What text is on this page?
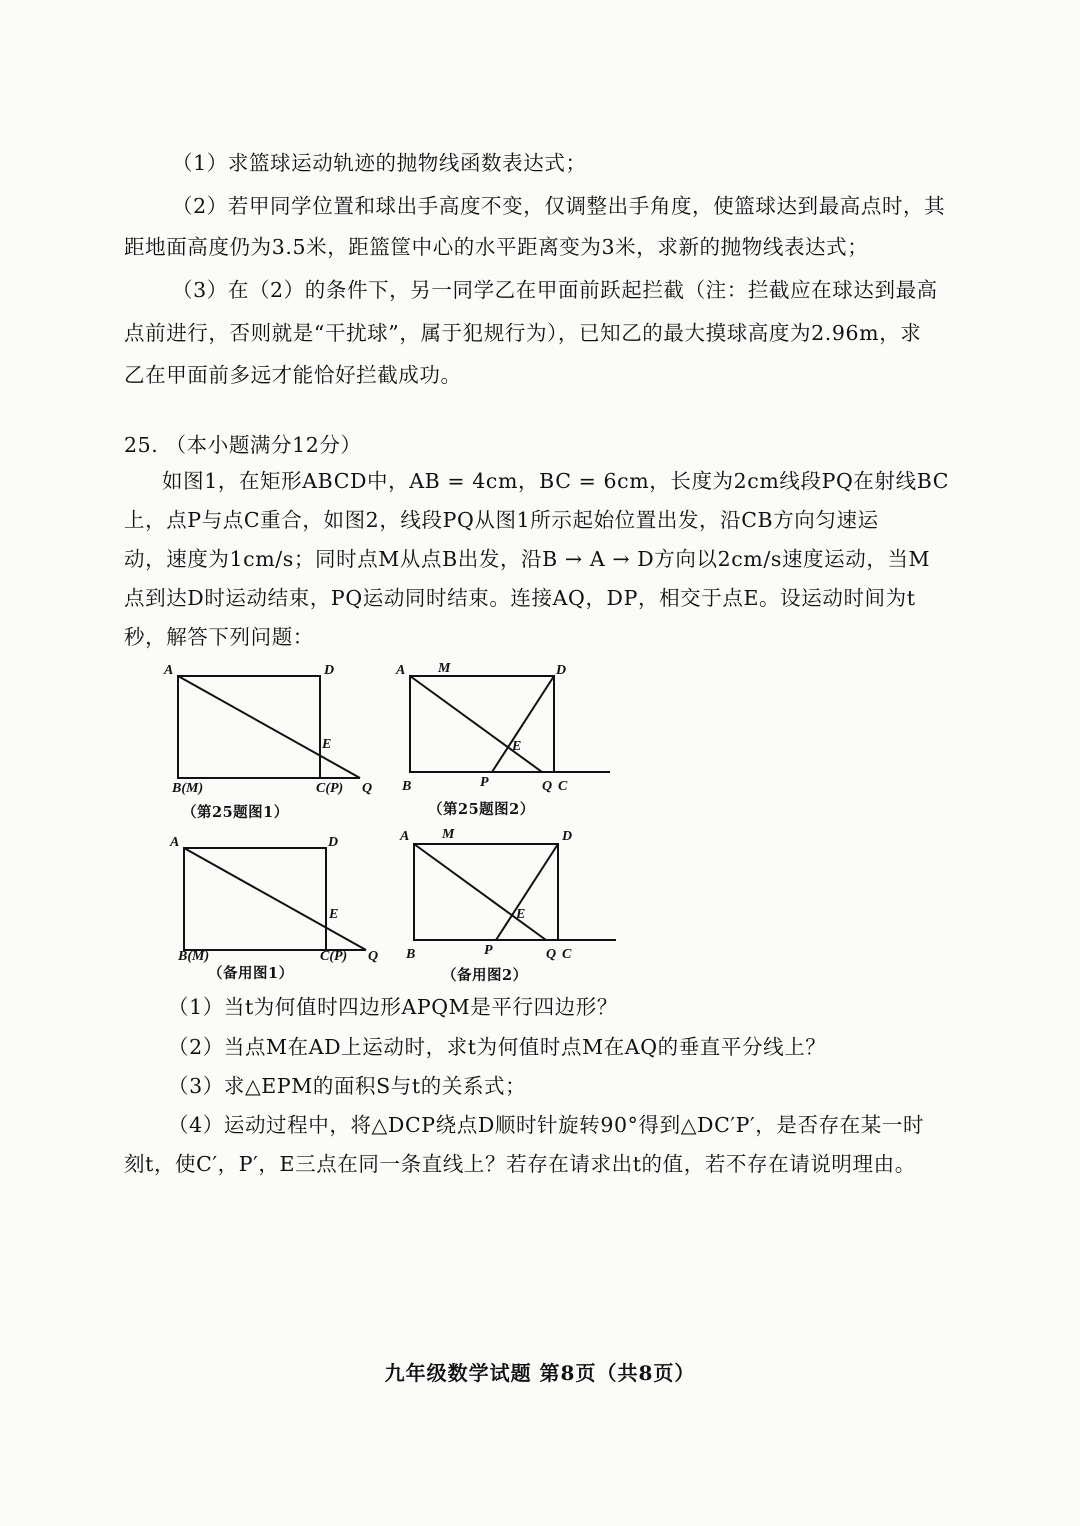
（1）求篮球运动轨迹的抛物线函数表达式；
（2）若甲同学位置和球出手高度不变，仅调整出手角度，使篮球达到最高点时，其
距地面高度仍为3.5米，距篮筐中心的水平距离变为3米，求新的抛物线表达式；
（3）在（2）的条件下，另一同学乙在甲面前跃起拦截（注：拦截应在球达到最高
点前进行，否则就是“干扰球”，属于犯规行为），已知乙的最大摸球高度为2.96m，求
乙在甲面前多远才能恰好拦截成功。
25. （本小题满分12分）
如图1，在矩形ABCD中，AB = 4cm，BC = 6cm，长度为2cm线段PQ在射线BC
上，点P与点C重合，如图2，线段PQ从图1所示起始位置出发，沿CB方向匀速运
动，速度为1cm/s；同时点M从点B出发，沿B → A → D方向以2cm/s速度运动，当M
点到达D时运动结束，PQ运动同时结束。连接AQ，DP，相交于点E。设运动时间为t
秒，解答下列问题：
A	D
E
B(M)	C(P) Q
（第25题图1）
A M	D
E
B	P	Q C
（第25题图2）
A	D
E
B(M)	C(P) Q
（备用图1）
A M	D
E
B	P	Q C
（备用图2）
（1）当t为何值时四边形APQM是平行四边形？
（2）当点M在AD上运动时，求t为何值时点M在AQ的垂直平分线上？
（3）求△EPM的面积S与t的关系式；
（4）运动过程中，将△DCP绕点D顺时针旋转90°得到△DC′P′，是否存在某一时
刻t，使C′，P′，E三点在同一条直线上？若存在请求出t的值，若不存在请说明理由。
九年级数学试题 第8页（共8页）
